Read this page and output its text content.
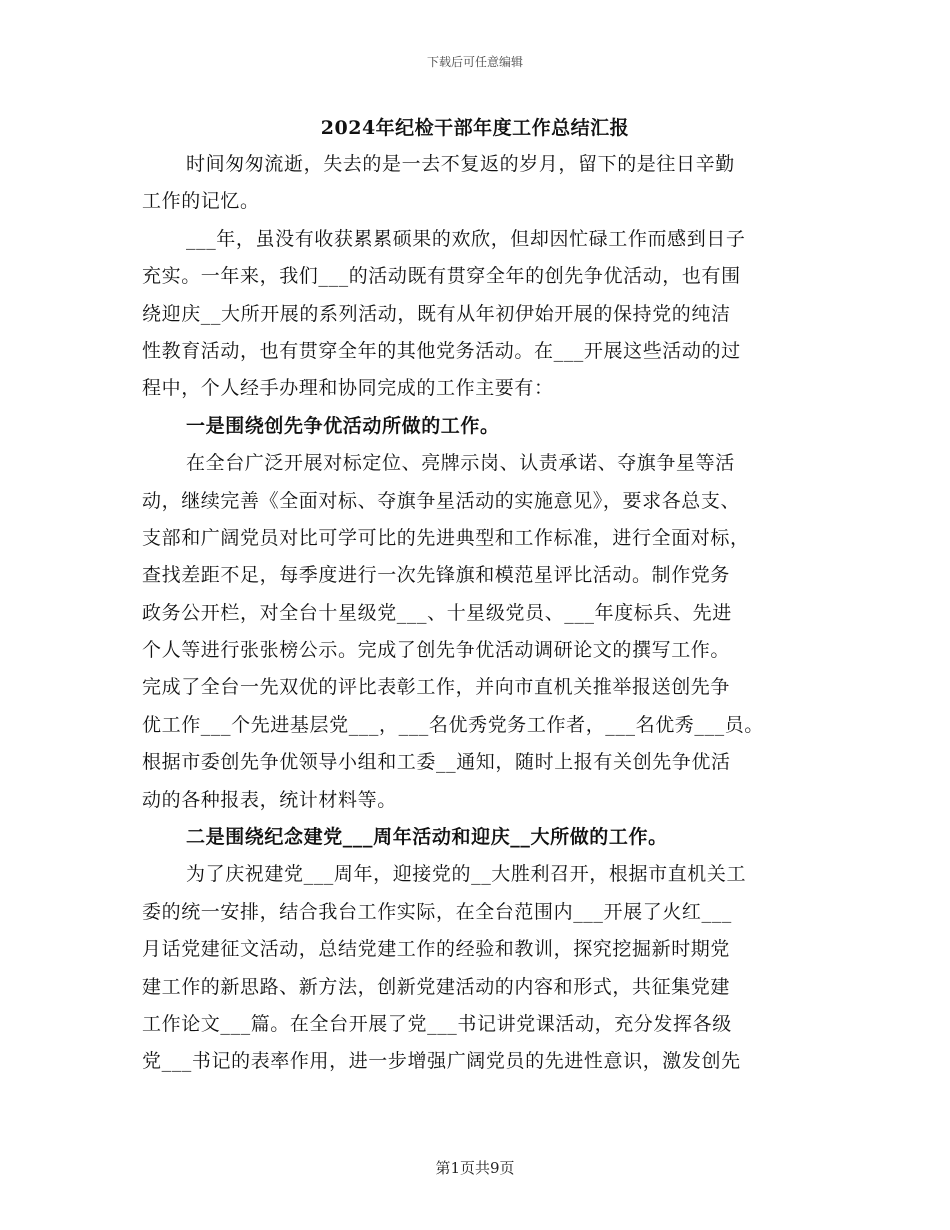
下载后可任意编辑
2024年纪检干部年度工作总结汇报
时间匆匆流逝，失去的是一去不复返的岁月，留下的是往日辛勤
工作的记忆。
___年，虽没有收获累累硕果的欢欣，但却因忙碌工作而感到日子
充实。一年来，我们___的活动既有贯穿全年的创先争优活动，也有围
绕迎庆__大所开展的系列活动，既有从年初伊始开展的保持党的纯洁
性教育活动，也有贯穿全年的其他党务活动。在___开展这些活动的过
程中，个人经手办理和协同完成的工作主要有：
一是围绕创先争优活动所做的工作。
在全台广泛开展对标定位、亮牌示岗、认责承诺、夺旗争星等活
动，继续完善《全面对标、夺旗争星活动的实施意见》，要求各总支、
支部和广阔党员对比可学可比的先进典型和工作标准，进行全面对标，
查找差距不足，每季度进行一次先锋旗和模范星评比活动。制作党务
政务公开栏，对全台十星级党___、十星级党员、___年度标兵、先进
个人等进行张张榜公示。完成了创先争优活动调研论文的撰写工作。
完成了全台一先双优的评比表彰工作，并向市直机关推举报送创先争
优工作___个先进基层党___，___名优秀党务工作者，___名优秀___员。
根据市委创先争优领导小组和工委__通知，随时上报有关创先争优活
动的各种报表，统计材料等。
二是围绕纪念建党___周年活动和迎庆__大所做的工作。
为了庆祝建党___周年，迎接党的__大胜利召开，根据市直机关工
委的统一安排，结合我台工作实际，在全台范围内___开展了火红___
月话党建征文活动，总结党建工作的经验和教训，探究挖掘新时期党
建工作的新思路、新方法，创新党建活动的内容和形式，共征集党建
工作论文___篇。在全台开展了党___书记讲党课活动，充分发挥各级
党___书记的表率作用，进一步增强广阔党员的先进性意识，激发创先
第1页共9页
